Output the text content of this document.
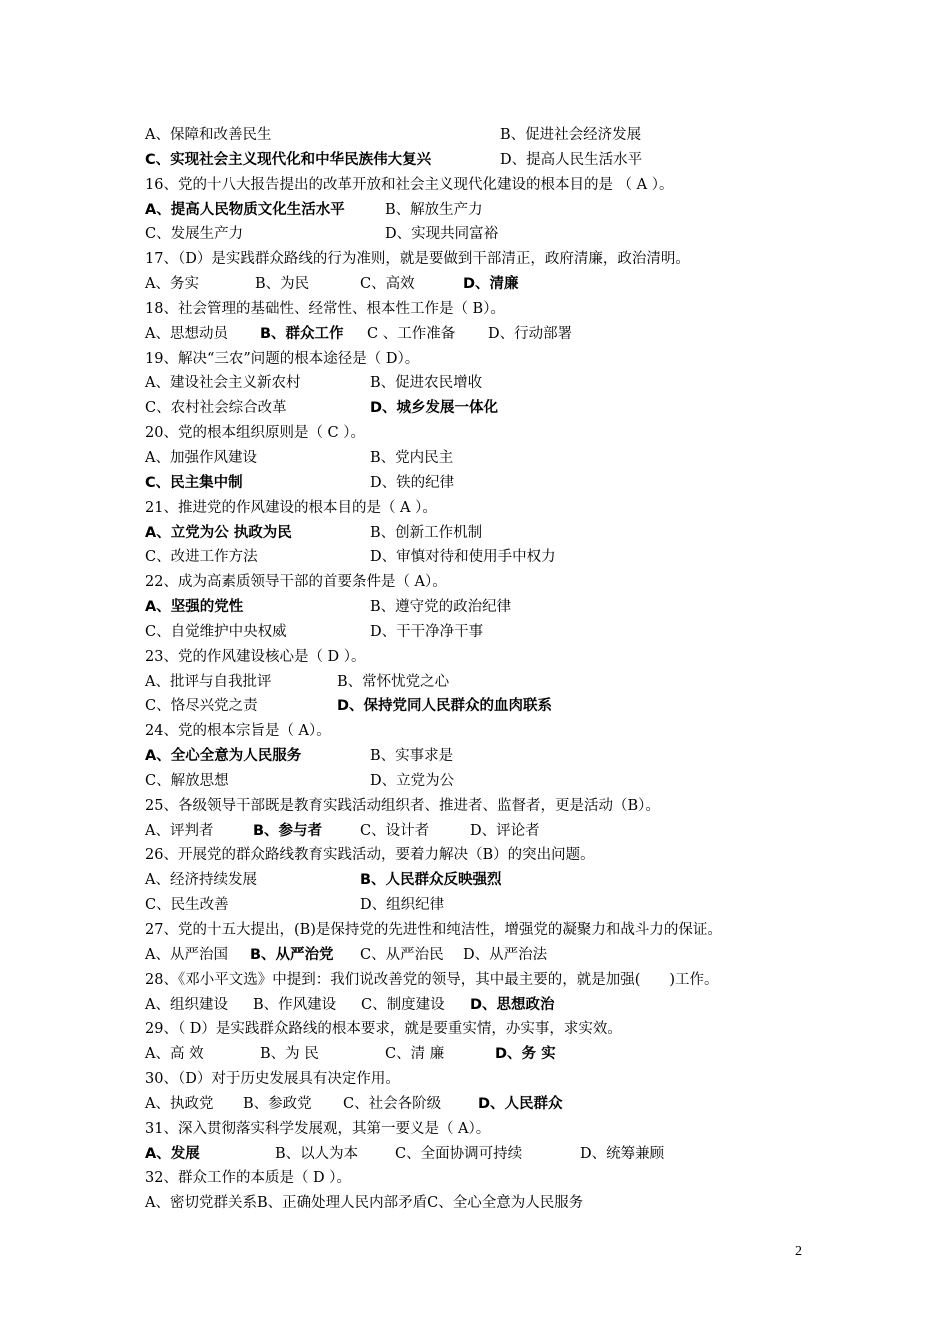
A、保障和改善民生	B、促进社会经济发展
C、实现社会主义现代化和中华民族伟大复兴	D、提高人民生活水平
16、党的十八大报告提出的改革开放和社会主义现代化建设的根本目的是 （ A ）。
A、提高人民物质文化生活水平	B、解放生产力
C、发展生产力	D、实现共同富裕
17、（D）是实践群众路线的行为准则，就是要做到干部清正，政府清廉，政治清明。
A、务实	B、为民	C、高效	D、清廉
18、社会管理的基础性、经常性、根本性工作是（ B）。
A、思想动员 B、群众工作 C 、工作准备 D、行动部署
19、解决“三农”问题的根本途径是（ D）。
A、建设社会主义新农村	B、促进农民增收
C、农村社会综合改革	D、城乡发展一体化
20、党的根本组织原则是（ C ）。
A、加强作风建设	B、党内民主
C、民主集中制	D、铁的纪律
21、推进党的作风建设的根本目的是（ A ）。
A、立党为公 执政为民	B、创新工作机制
C、改进工作方法	D、审慎对待和使用手中权力
22、成为高素质领导干部的首要条件是（ A）。
A、坚强的党性	B、遵守党的政治纪律
C、自觉维护中央权威	D、干干净净干事
23、党的作风建设核心是（ D ）。
A、批评与自我批评	B、常怀忧党之心
C、恪尽兴党之责	D、保持党同人民群众的血肉联系
24、党的根本宗旨是（ A）。
A、全心全意为人民服务	B、实事求是
C、解放思想	D、立党为公
25、各级领导干部既是教育实践活动组织者、推进者、监督者，更是活动（B）。
A、评判者	B、参与者	C、设计者	D、评论者
26、开展党的群众路线教育实践活动，要着力解决（B）的突出问题。
A、经济持续发展	B、人民群众反映强烈
C、民生改善	D、组织纪律
27、党的十五大提出，(B)是保持党的先进性和纯洁性，增强党的凝聚力和战斗力的保证。
A、从严治国 B、从严治党 C、从严治民 D、从严治法
28、《邓小平文选》中提到：我们说改善党的领导，其中最主要的，就是加强(　　)工作。
A、组织建设 B、作风建设 C、制度建设 D、思想政治
29、（ D）是实践群众路线的根本要求，就是要重实情，办实事，求实效。
A、高 效	B、为 民	C、清 廉	D、务 实
30、（D）对于历史发展具有决定作用。
A、执政党 B、参政党 C、社会各阶级	D、人民群众
31、深入贯彻落实科学发展观，其第一要义是（ A）。
A、发展	B、以人为本	C、全面协调可持续	D、统筹兼顾
32、群众工作的本质是（ D ）。
A、密切党群关系B、正确处理人民内部矛盾C、全心全意为人民服务
2
